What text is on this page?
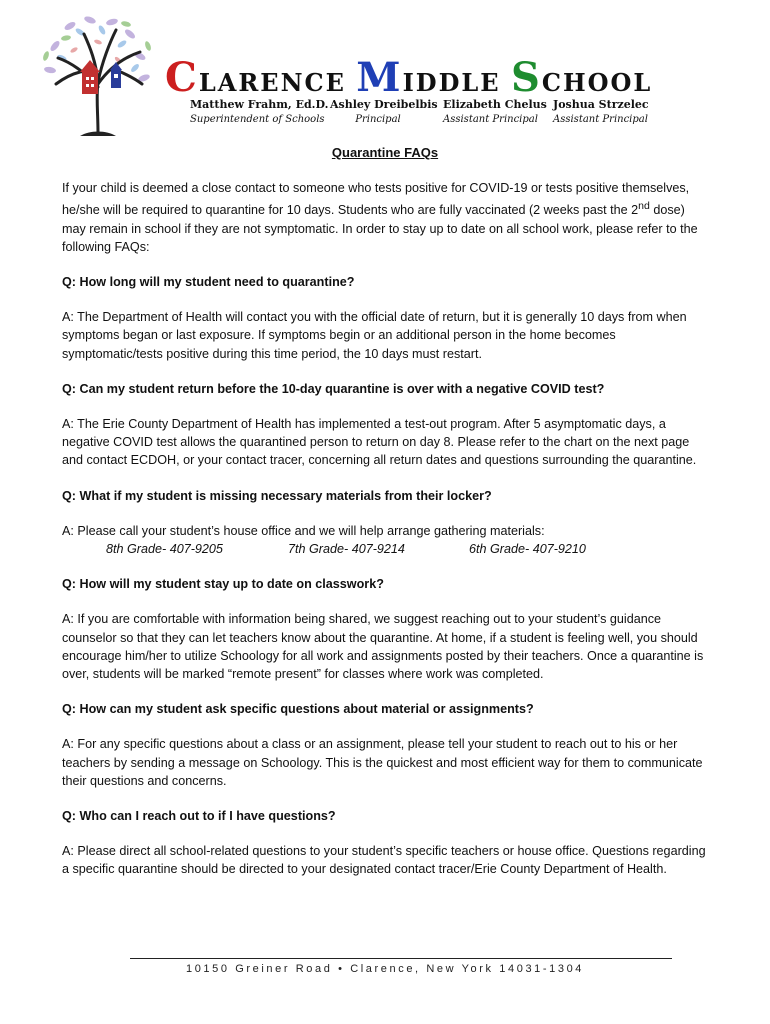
CLARENCE MIDDLE SCHOOL
Matthew Frahm, Ed.D.
Superintendent of Schools
Ashley Dreibelbis
Principal
Elizabeth Chelus
Assistant Principal
Joshua Strzelec
Assistant Principal
Quarantine FAQs

If your child is deemed a close contact to someone who tests positive for COVID-19 or tests positive themselves, he/she will be required to quarantine for 10 days. Students who are fully vaccinated (2 weeks past the 2nd dose) may remain in school if they are not symptomatic. In order to stay up to date on all school work, please refer to the following FAQs:

Q: How long will my student need to quarantine?

A: The Department of Health will contact you with the official date of return, but it is generally 10 days from when symptoms began or last exposure. If symptoms begin or an additional person in the home becomes symptomatic/tests positive during this time period, the 10 days must restart.

Q: Can my student return before the 10-day quarantine is over with a negative COVID test?

A: The Erie County Department of Health has implemented a test-out program. After 5 asymptomatic days, a negative COVID test allows the quarantined person to return on day 8. Please refer to the chart on the next page and contact ECDOH, or your contact tracer, concerning all return dates and questions surrounding the quarantine.

Q: What if my student is missing necessary materials from their locker?

A: Please call your student’s house office and we will help arrange gathering materials:
8th Grade- 407-9205	7th Grade- 407-9214	6th Grade- 407-9210

Q: How will my student stay up to date on classwork?

A: If you are comfortable with information being shared, we suggest reaching out to your student’s guidance counselor so that they can let teachers know about the quarantine. At home, if a student is feeling well, you should encourage him/her to utilize Schoology for all work and assignments posted by their teachers. Once a quarantine is over, students will be marked “remote present” for classes where work was completed.

Q: How can my student ask specific questions about material or assignments?

A: For any specific questions about a class or an assignment, please tell your student to reach out to his or her teachers by sending a message on Schoology. This is the quickest and most efficient way for them to communicate their questions and concerns.

Q: Who can I reach out to if I have questions?

A: Please direct all school-related questions to your student’s specific teachers or house office. Questions regarding a specific quarantine should be directed to your designated contact tracer/Erie County Department of Health.

10150 Greiner Road • Clarence, New York 14031-1304
